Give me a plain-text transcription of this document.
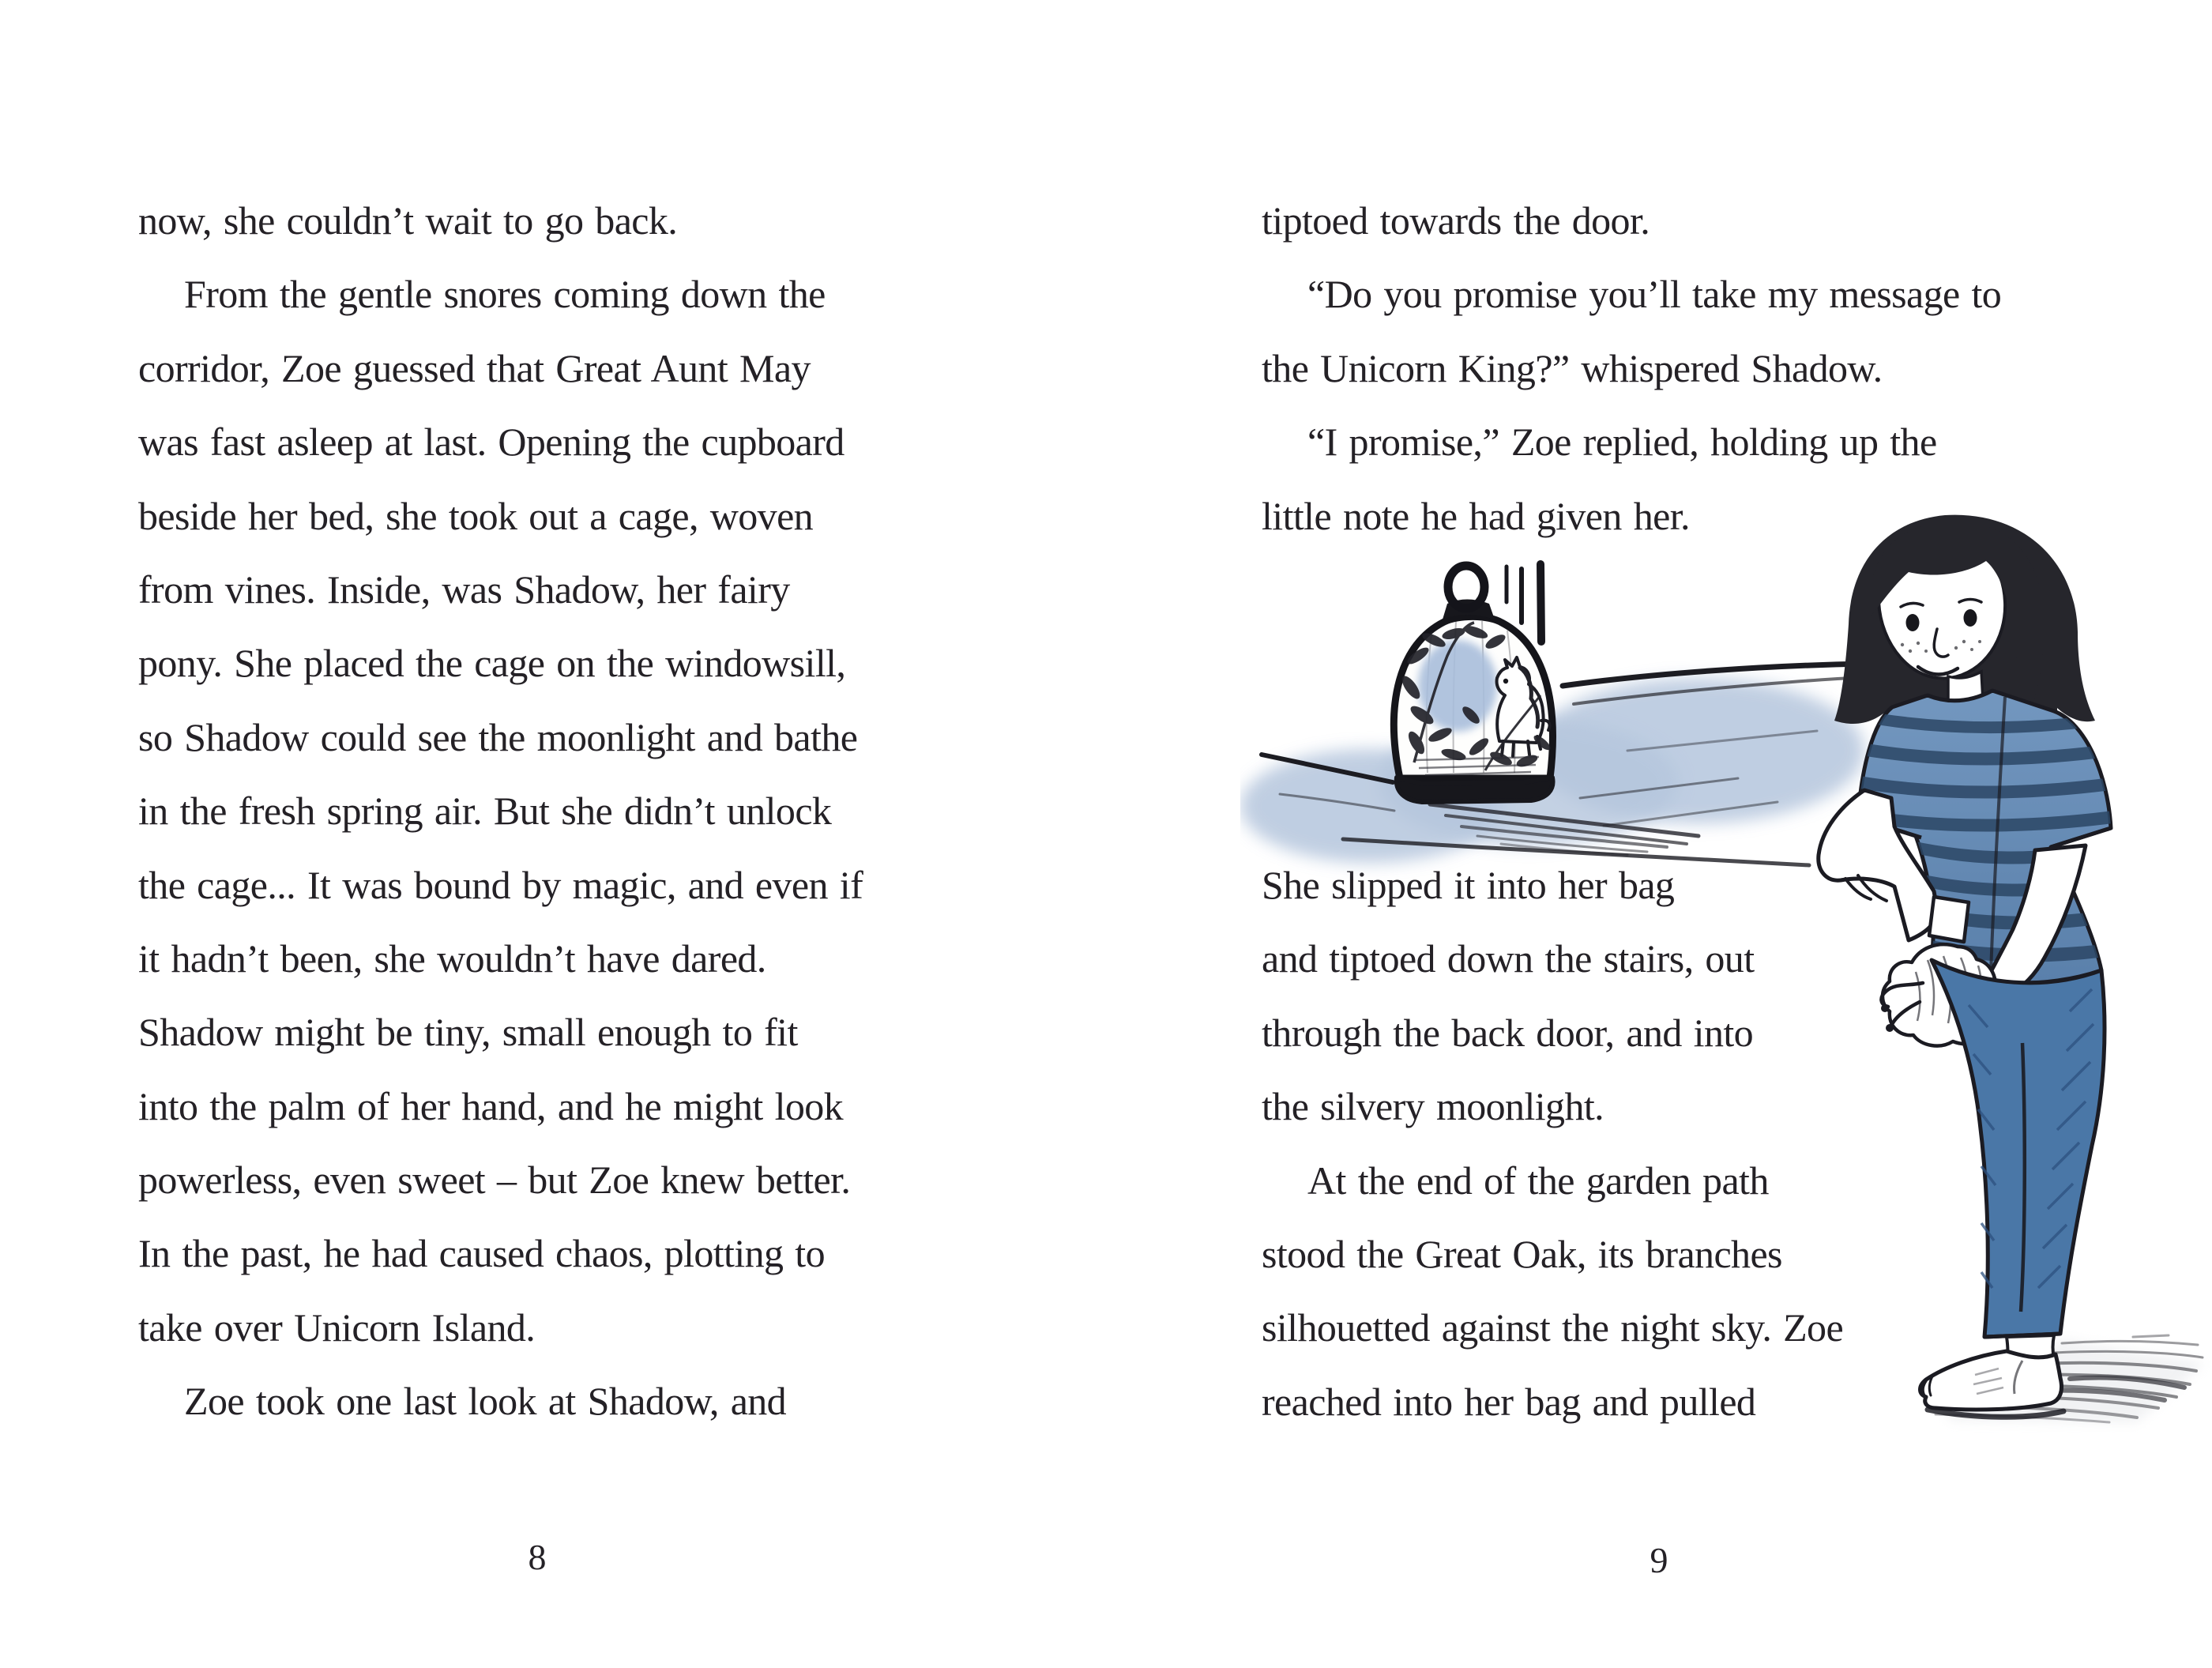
now, she couldn’t wait to go back.
From the gentle snores coming down the
corridor, Zoe guessed that Great Aunt May
was fast asleep at last. Opening the cupboard
beside her bed, she took out a cage, woven
from vines. Inside, was Shadow, her fairy
pony. She placed the cage on the windowsill,
so Shadow could see the moonlight and bathe
in the fresh spring air. But she didn’t unlock
the cage... It was bound by magic, and even if
it hadn’t been, she wouldn’t have dared.
Shadow might be tiny, small enough to fit
into the palm of her hand, and he might look
powerless, even sweet – but Zoe knew better.
In the past, he had caused chaos, plotting to
take over Unicorn Island.
Zoe took one last look at Shadow, and
tiptoed towards the door.
“Do you promise you’ll take my message to
the Unicorn King?” whispered Shadow.
“I promise,” Zoe replied, holding up the
little note he had given her.
She slipped it into her bag
and tiptoed down the stairs, out
through the back door, and into
the silvery moonlight.
At the end of the garden path
stood the Great Oak, its branches
silhouetted against the night sky. Zoe
reached into her bag and pulled
8	9
